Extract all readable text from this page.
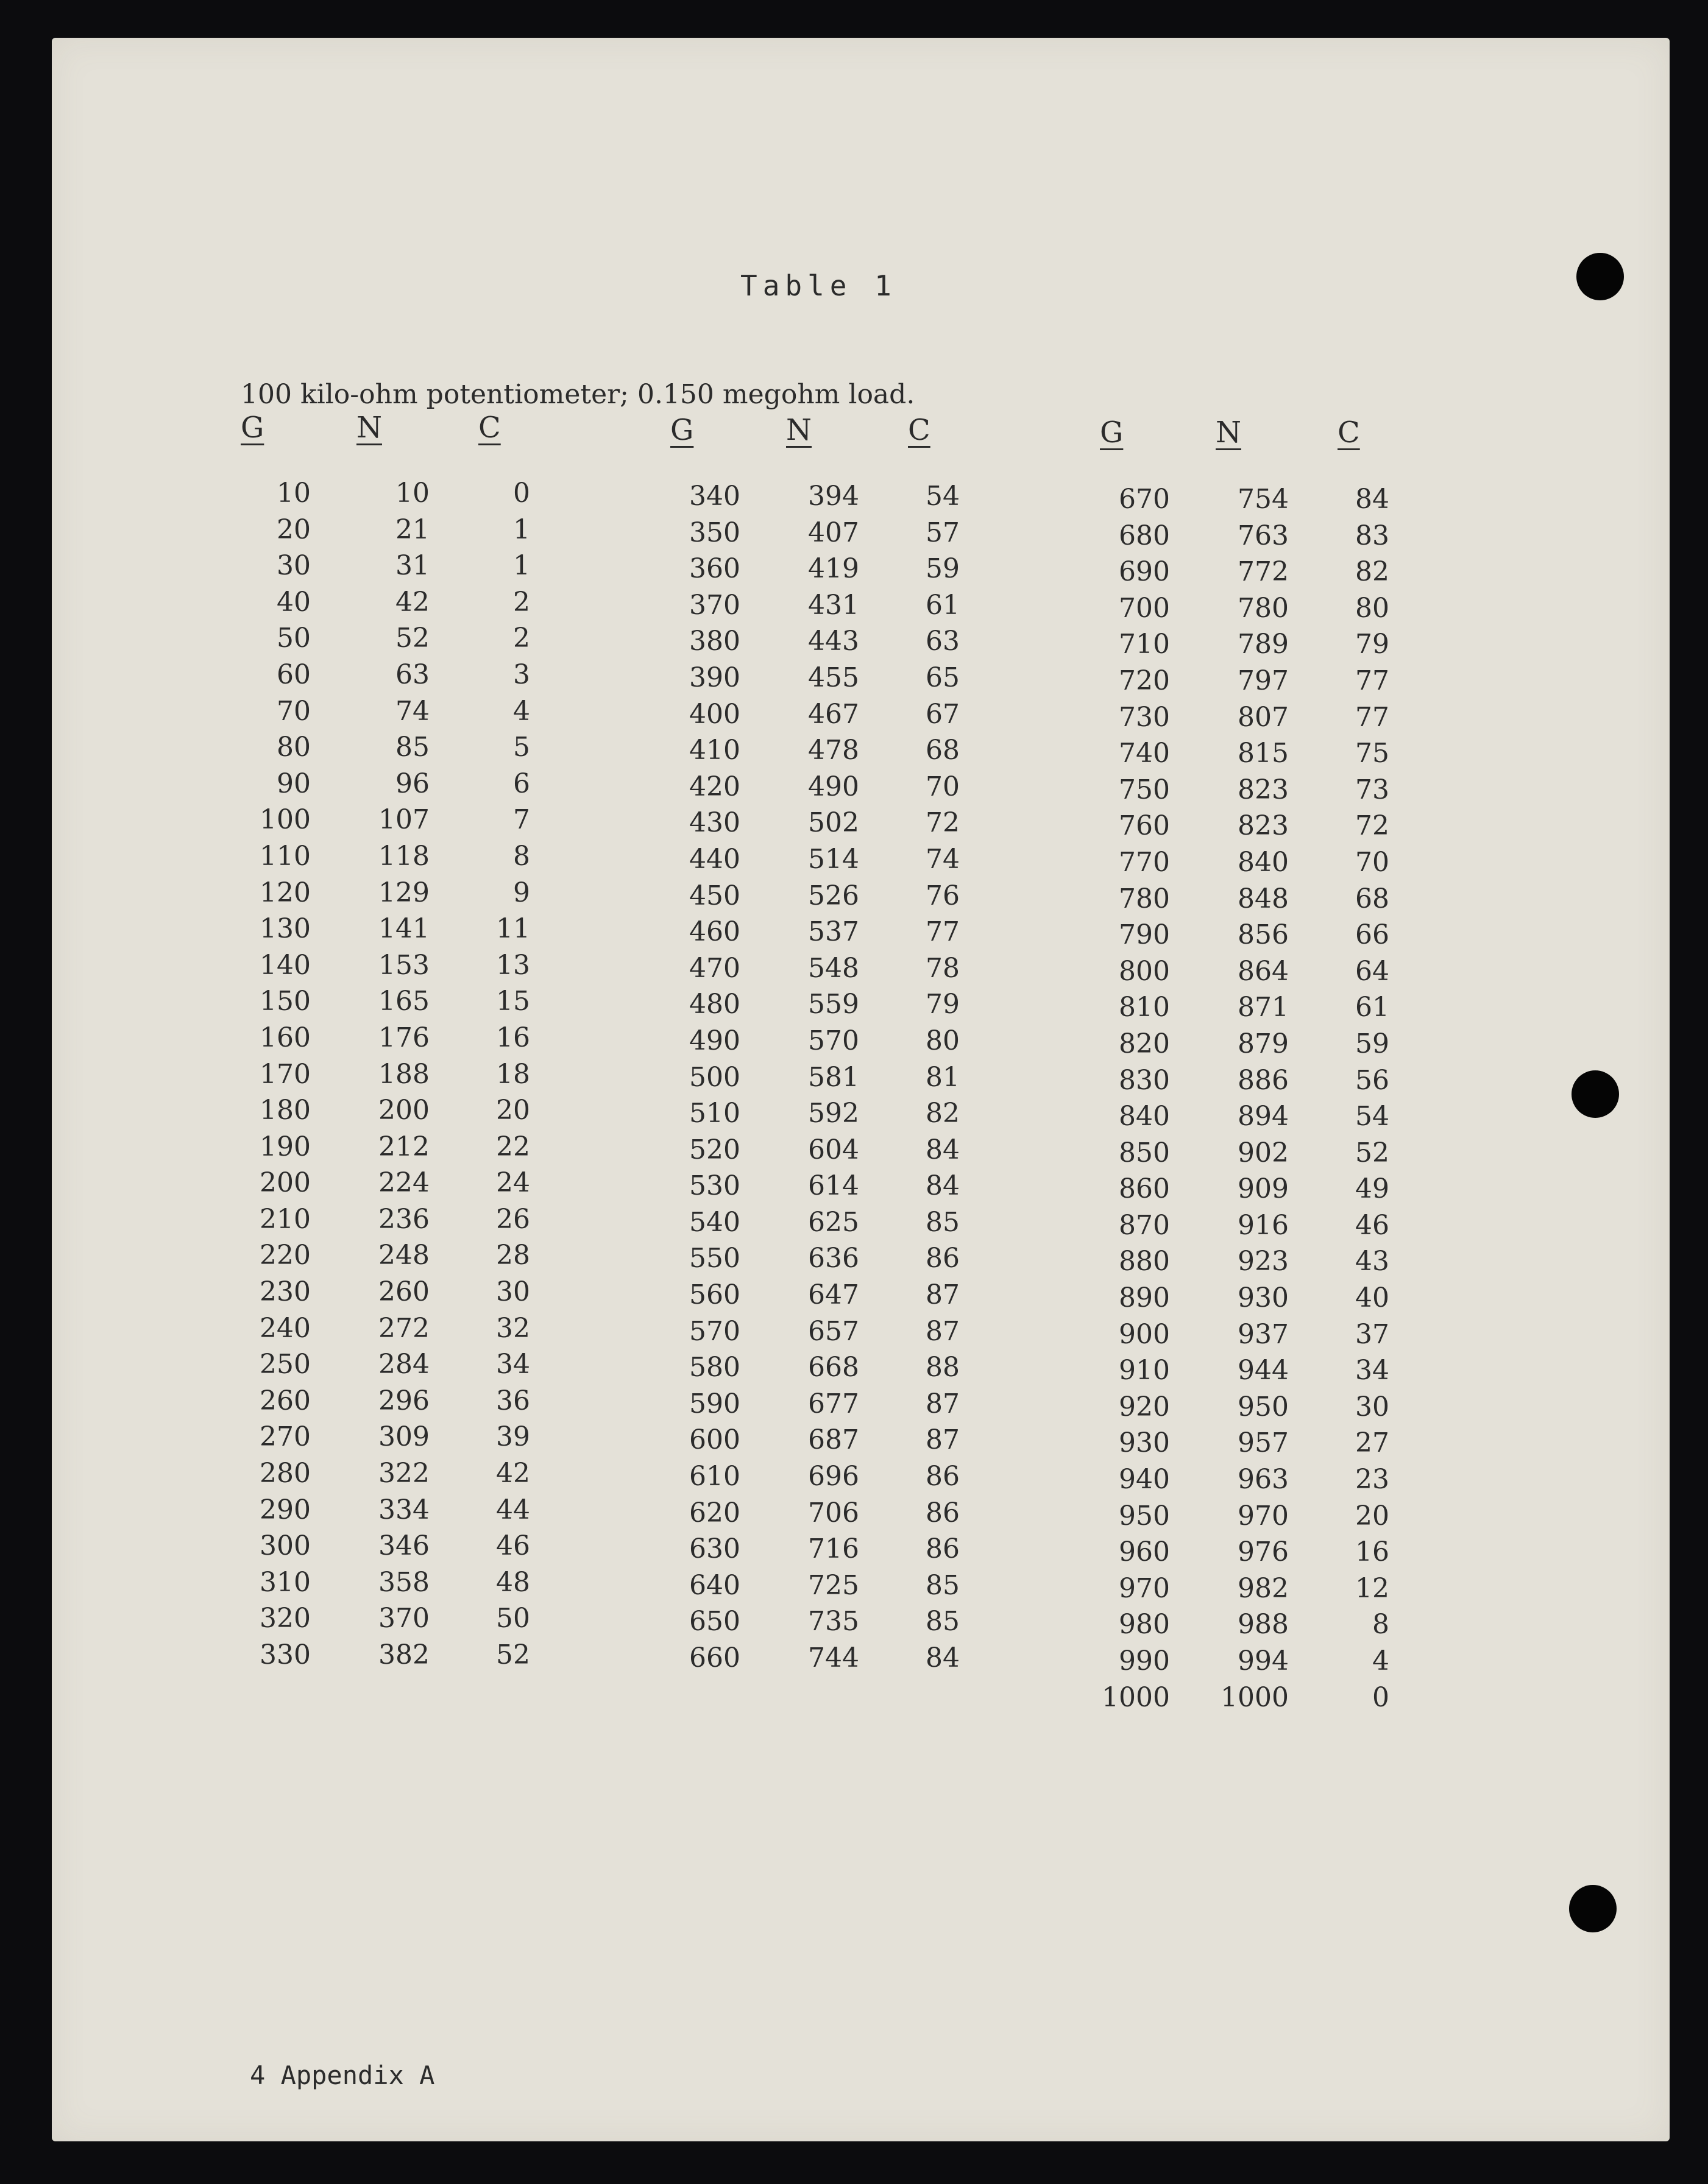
Table 1
100 kilo-ohm potentiometer; 0.150 megohm load.
G	N	C
10	10	0
20	21	1
30	31	1
40	42	2
50	52	2
60	63	3
70	74	4
80	85	5
90	96	6
100	107	7
110	118	8
120	129	9
130	141 11
140	153 13
150	165 15
160	176 16
170	188 18
180	200 20
190	212 22
200	224 24
210	236 26
220	248 28
230	260 30
240	272 32
250	284 34
260	296 36
270	309 39
280	322 42
290	334 44
300	346 46
310	358 48
320	370 50
330	382 52
G	N	C
340	394 54
350	407 57
360	419 59
370	431 61
380	443 63
390	455 65
400	467 67
410	478 68
420	490 70
430	502 72
440	514 74
450	526 76
460	537 77
470	548 78
480	559 79
490	570 80
500	581 81
510	592 82
520	604 84
530	614 84
540	625 85
550	636 86
560	647 87
570	657 87
580	668 88
590	677 87
600	687 87
610	696 86
620	706 86
630	716 86
640	725 85
650	735 85
660	744 84
G	N	C
670	754 84
680	763 83
690	772 82
700	780 80
710	789 79
720	797 77
730	807 77
740	815 75
750	823 73
760	823 72
770	840 70
780	848 68
790	856 66
800	864 64
810	871 61
820	879 59
830	886 56
840	894 54
850	902 52
860	909 49
870	916 46
880	923 43
890	930 40
900	937 37
910	944 34
920	950 30
930	957 27
940	963 23
950	970 20
960	976 16
970	982 12
980	988	8
990	994	4
1000 1000	0
4 Appendix A
